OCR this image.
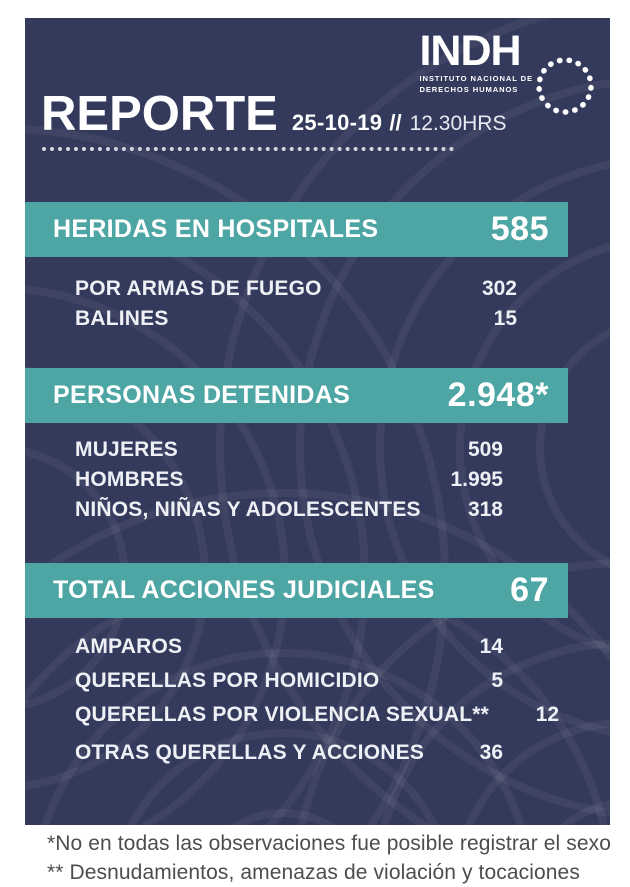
INDH
INSTITUTO NACIONAL DE
DERECHOS HUMANOS
REPORTE 25-10-19 // 12.30HRS
HERIDAS EN HOSPITALES	585
POR ARMAS DE FUEGO	302
BALINES	15
PERSONAS DETENIDAS	2.948*
MUJERES	509
HOMBRES	1.995
NIÑOS, NIÑAS Y ADOLESCENTES	318
TOTAL ACCIONES JUDICIALES 67
AMPAROS	14
QUERELLAS POR HOMICIDIO	5
QUERELLAS POR VIOLENCIA SEXUAL**	12
OTRAS QUERELLAS Y ACCIONES	36
*No en todas las observaciones fue posible registrar el sexo
** Desnudamientos, amenazas de violación y tocaciones
